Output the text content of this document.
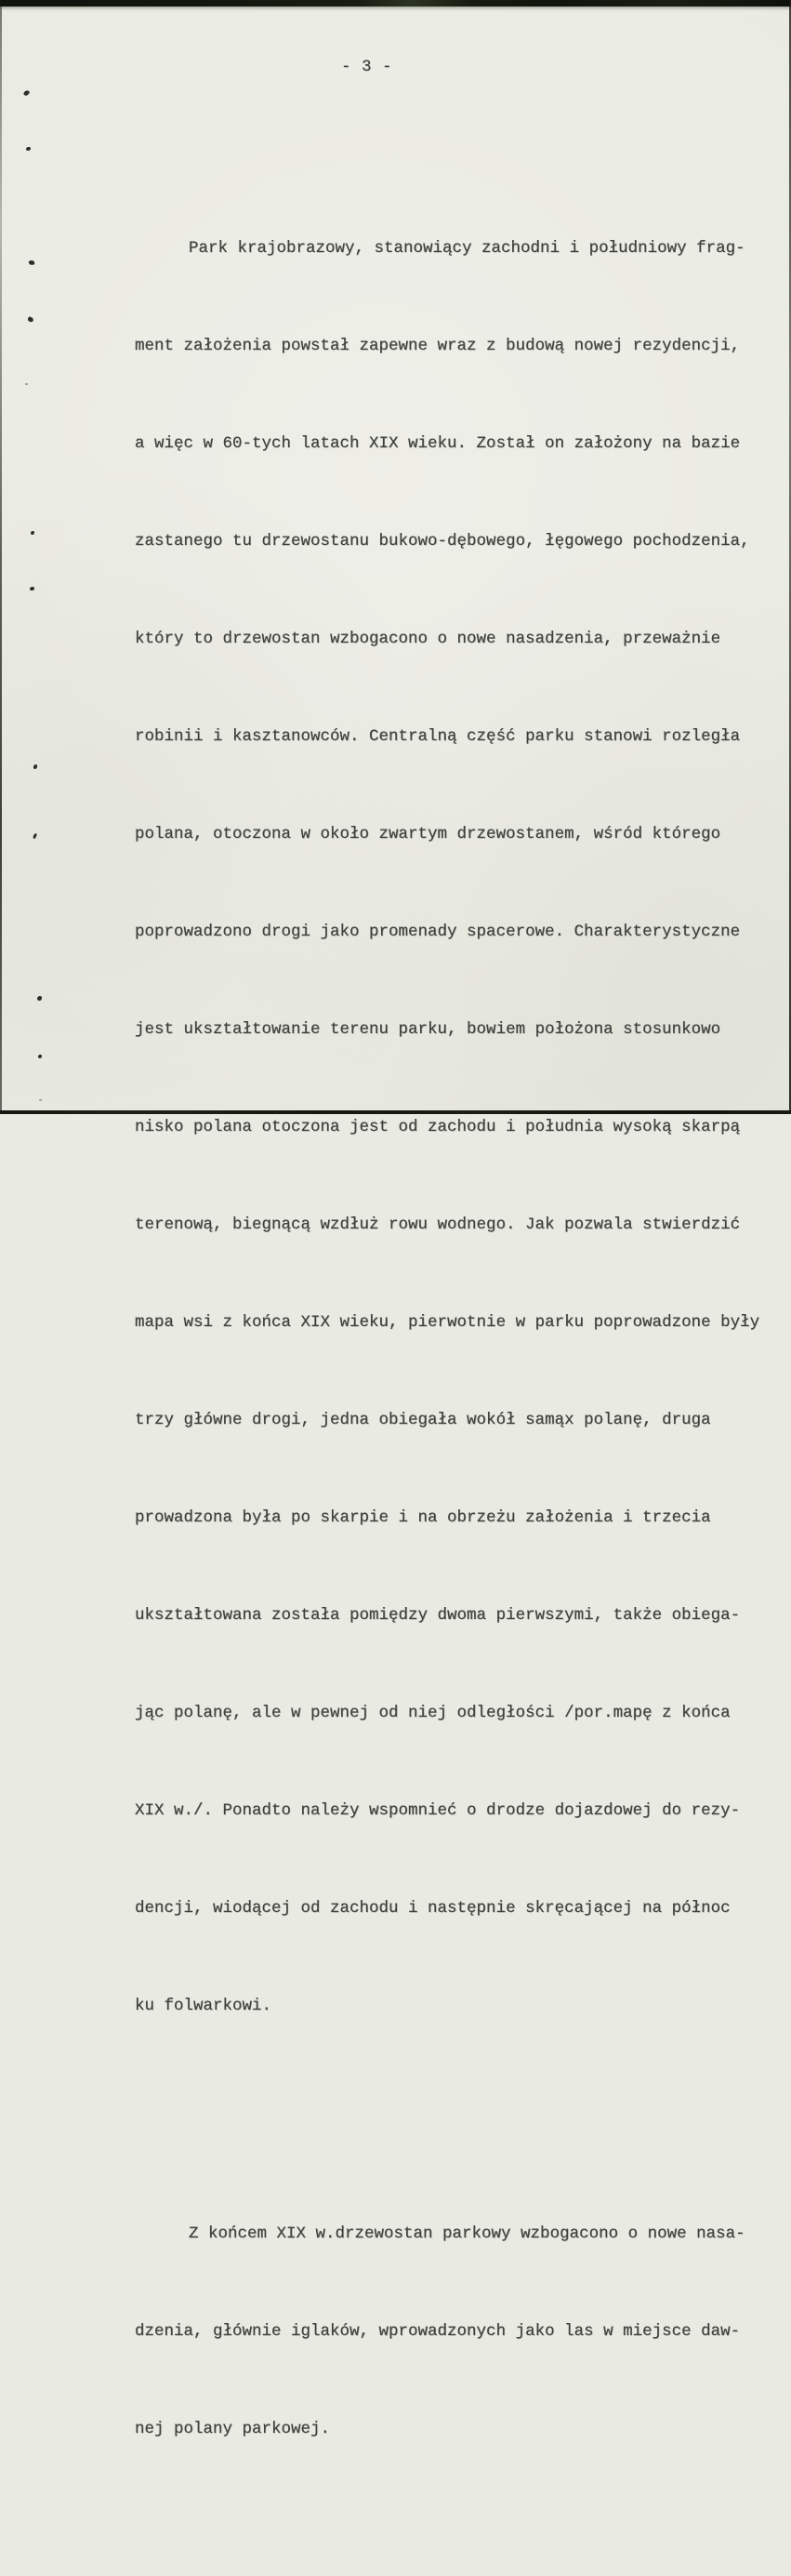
- 3 -

Park krajobrazowy, stanowiący zachodni i południowy frag-

ment założenia powstał zapewne wraz z budową nowej rezydencji,

a więc w 60-tych latach XIX wieku. Został on założony na bazie

zastanego tu drzewostanu bukowo-dębowego, łęgowego pochodzenia,

który to drzewostan wzbogacono o nowe nasadzenia, przeważnie

robinii i kasztanowców. Centralną część parku stanowi rozległa

polana, otoczona w około zwartym drzewostanem, wśród którego

poprowadzono drogi jako promenady spacerowe. Charakterystyczne

jest ukształtowanie terenu parku, bowiem położona stosunkowo

nisko polana otoczona jest od zachodu i południa wysoką skarpą

terenową, biegnącą wzdłuż rowu wodnego. Jak pozwala stwierdzić

mapa wsi z końca XIX wieku, pierwotnie w parku poprowadzone były

trzy główne drogi, jedna obiegała wokół samąx polanę, druga

prowadzona była po skarpie i na obrzeżu założenia i trzecia

ukształtowana została pomiędzy dwoma pierwszymi, także obiega-

jąc polanę, ale w pewnej od niej odległości /por.mapę z końca

XIX w./. Ponadto należy wspomnieć o drodze dojazdowej do rezy-

dencji, wiodącej od zachodu i następnie skręcającej na północ

ku folwarkowi.

Z końcem XIX w.drzewostan parkowy wzbogacono o nowe nasa-

dzenia, głównie iglaków, wprowadzonych jako las w miejsce daw-

nej polany parkowej.
